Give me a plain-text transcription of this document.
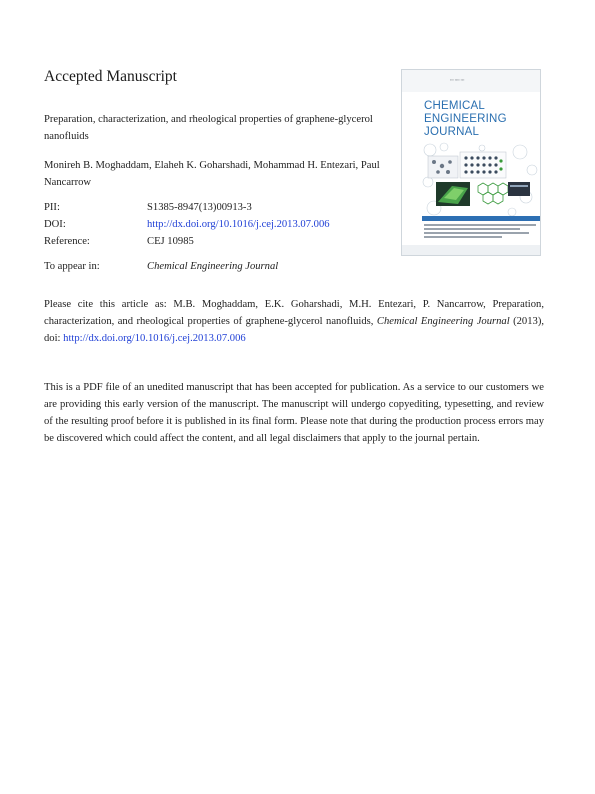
Accepted Manuscript
Preparation, characterization, and rheological properties of graphene-glycerol nanofluids
Monireh B. Moghaddam, Elaheh K. Goharshadi, Mohammad H. Entezari, Paul Nancarrow
PII:	S1385-8947(13)00913-3
DOI:	http://dx.doi.org/10.1016/j.cej.2013.07.006
Reference:	CEJ 10985
To appear in:	Chemical Engineering Journal
Please cite this article as: M.B. Moghaddam, E.K. Goharshadi, M.H. Entezari, P. Nancarrow, Preparation, characterization, and rheological properties of graphene-glycerol nanofluids, Chemical Engineering Journal (2013), doi: http://dx.doi.org/10.1016/j.cej.2013.07.006
This is a PDF file of an unedited manuscript that has been accepted for publication. As a service to our customers we are providing this early version of the manuscript. The manuscript will undergo copyediting, typesetting, and review of the resulting proof before it is published in its final form. Please note that during the production process errors may be discovered which could affect the content, and all legal disclaimers that apply to the journal pertain.
▪▪▪ ▪▪▪▪ ▪▪▪
CHEMICAL
ENGINEERING
JOURNAL
